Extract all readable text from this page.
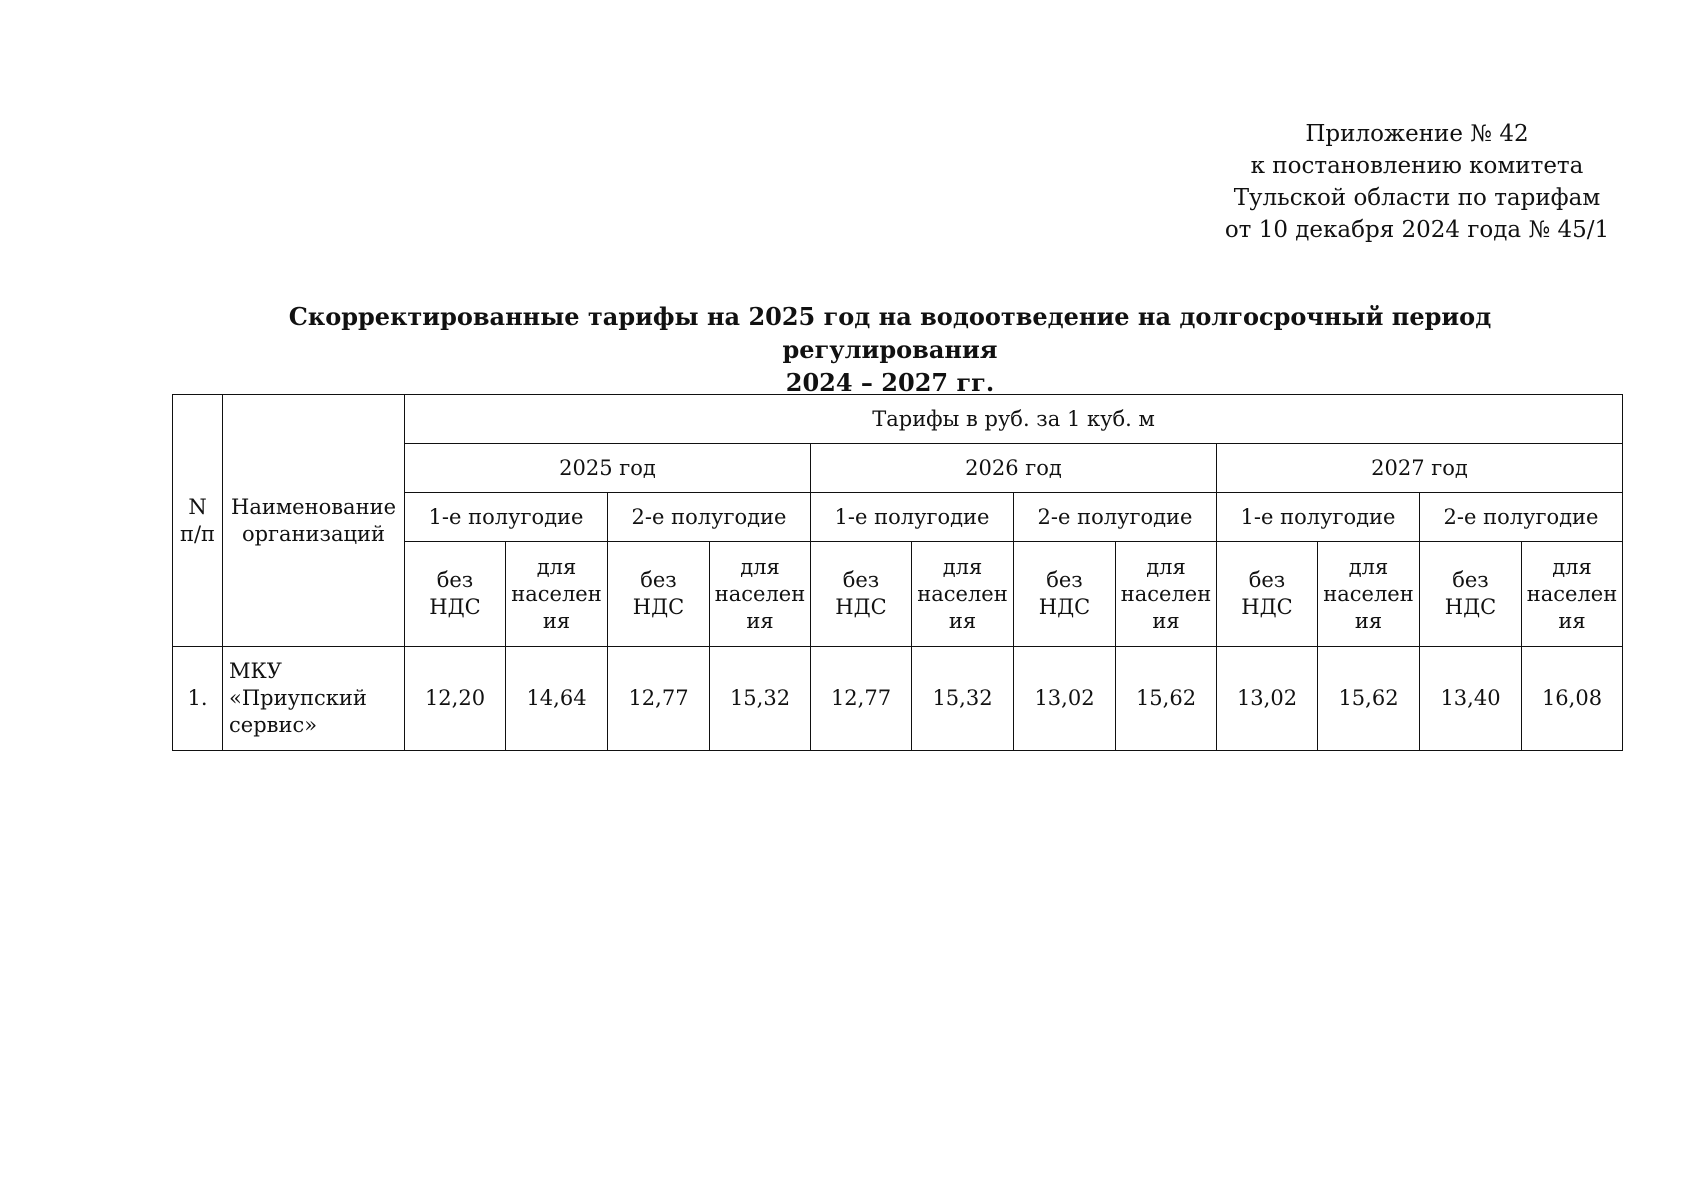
Приложение № 42
к постановлению комитета
Тульской области по тарифам
от 10 декабря 2024 года № 45/1
Скорректированные тарифы на 2025 год на водоотведение на долгосрочный период регулирования
2024 – 2027 гг.
N п/п	Наименование организаций	Тарифы в руб. за 1 куб. м											
		2025 год				2026 год				2027 год			
		1-е полугодие		2-е полугодие		1-е полугодие		2-е полугодие		1-е полугодие		2-е полугодие	
		без НДС	для населен ия	без НДС	для населен ия	без НДС	для населен ия	без НДС	для населен ия	без НДС	для населен ия	без НДС	для населен ия
1.	МКУ «Приупский сервис»	12,20	14,64	12,77	15,32	12,77	15,32	13,02	15,62	13,02	15,62	13,40	16,08
